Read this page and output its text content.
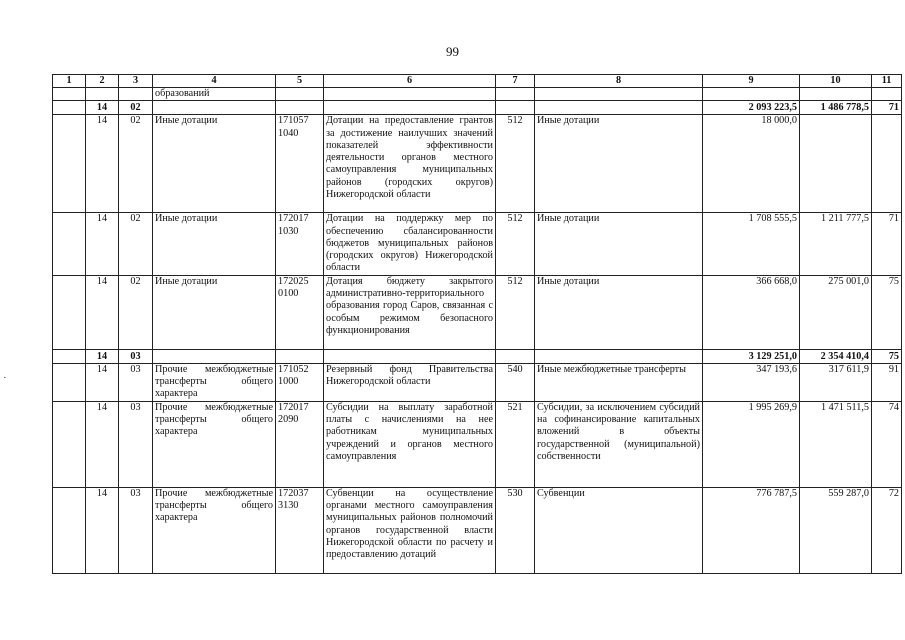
99
1	2	3	4	5	6	7	8	9	10	11
			образований							
	14	02						2 093 223,5	1 486 778,5	71
	14	02	Иные дотации	171057 1040	Дотации на предоставление грантов за достижение наилучших значений показателей эффективности деятельности органов местного самоуправления муниципальных районов (городских округов) Нижегородской области	512	Иные дотации	18 000,0		
	14	02	Иные дотации	172017 1030	Дотации на поддержку мер по обеспечению сбалансированности бюджетов муниципальных районов (городских округов) Нижегородской области	512	Иные дотации	1 708 555,5	1 211 777,5	71
	14	02	Иные дотации	172025 0100	Дотация бюджету закрытого административно-территориального образования город Саров, связанная с особым режимом безопасного функционирования	512	Иные дотации	366 668,0	275 001,0	75
	14	03						3 129 251,0	2 354 410,4	75
	14	03	Прочие межбюджетные трансферты общего характера	171052 1000	Резервный фонд Правительства Нижегородской области	540	Иные межбюджетные трансферты	347 193,6	317 611,9	91
	14	03	Прочие межбюджетные трансферты общего характера	172017 2090	Субсидии на выплату заработной платы с начислениями на нее работникам муниципальных учреждений и органов местного самоуправления	521	Субсидии, за исключением субсидий на софинансирование капитальных вложений в объекты государственной (муниципальной) собственности	1 995 269,9	1 471 511,5	74
	14	03	Прочие межбюджетные трансферты общего характера	172037 3130	Субвенции на осуществление органами местного самоуправления муниципальных районов полномочий органов государственной власти Нижегородской области по расчету и предоставлению дотаций	530	Субвенции	776 787,5	559 287,0	72
·
